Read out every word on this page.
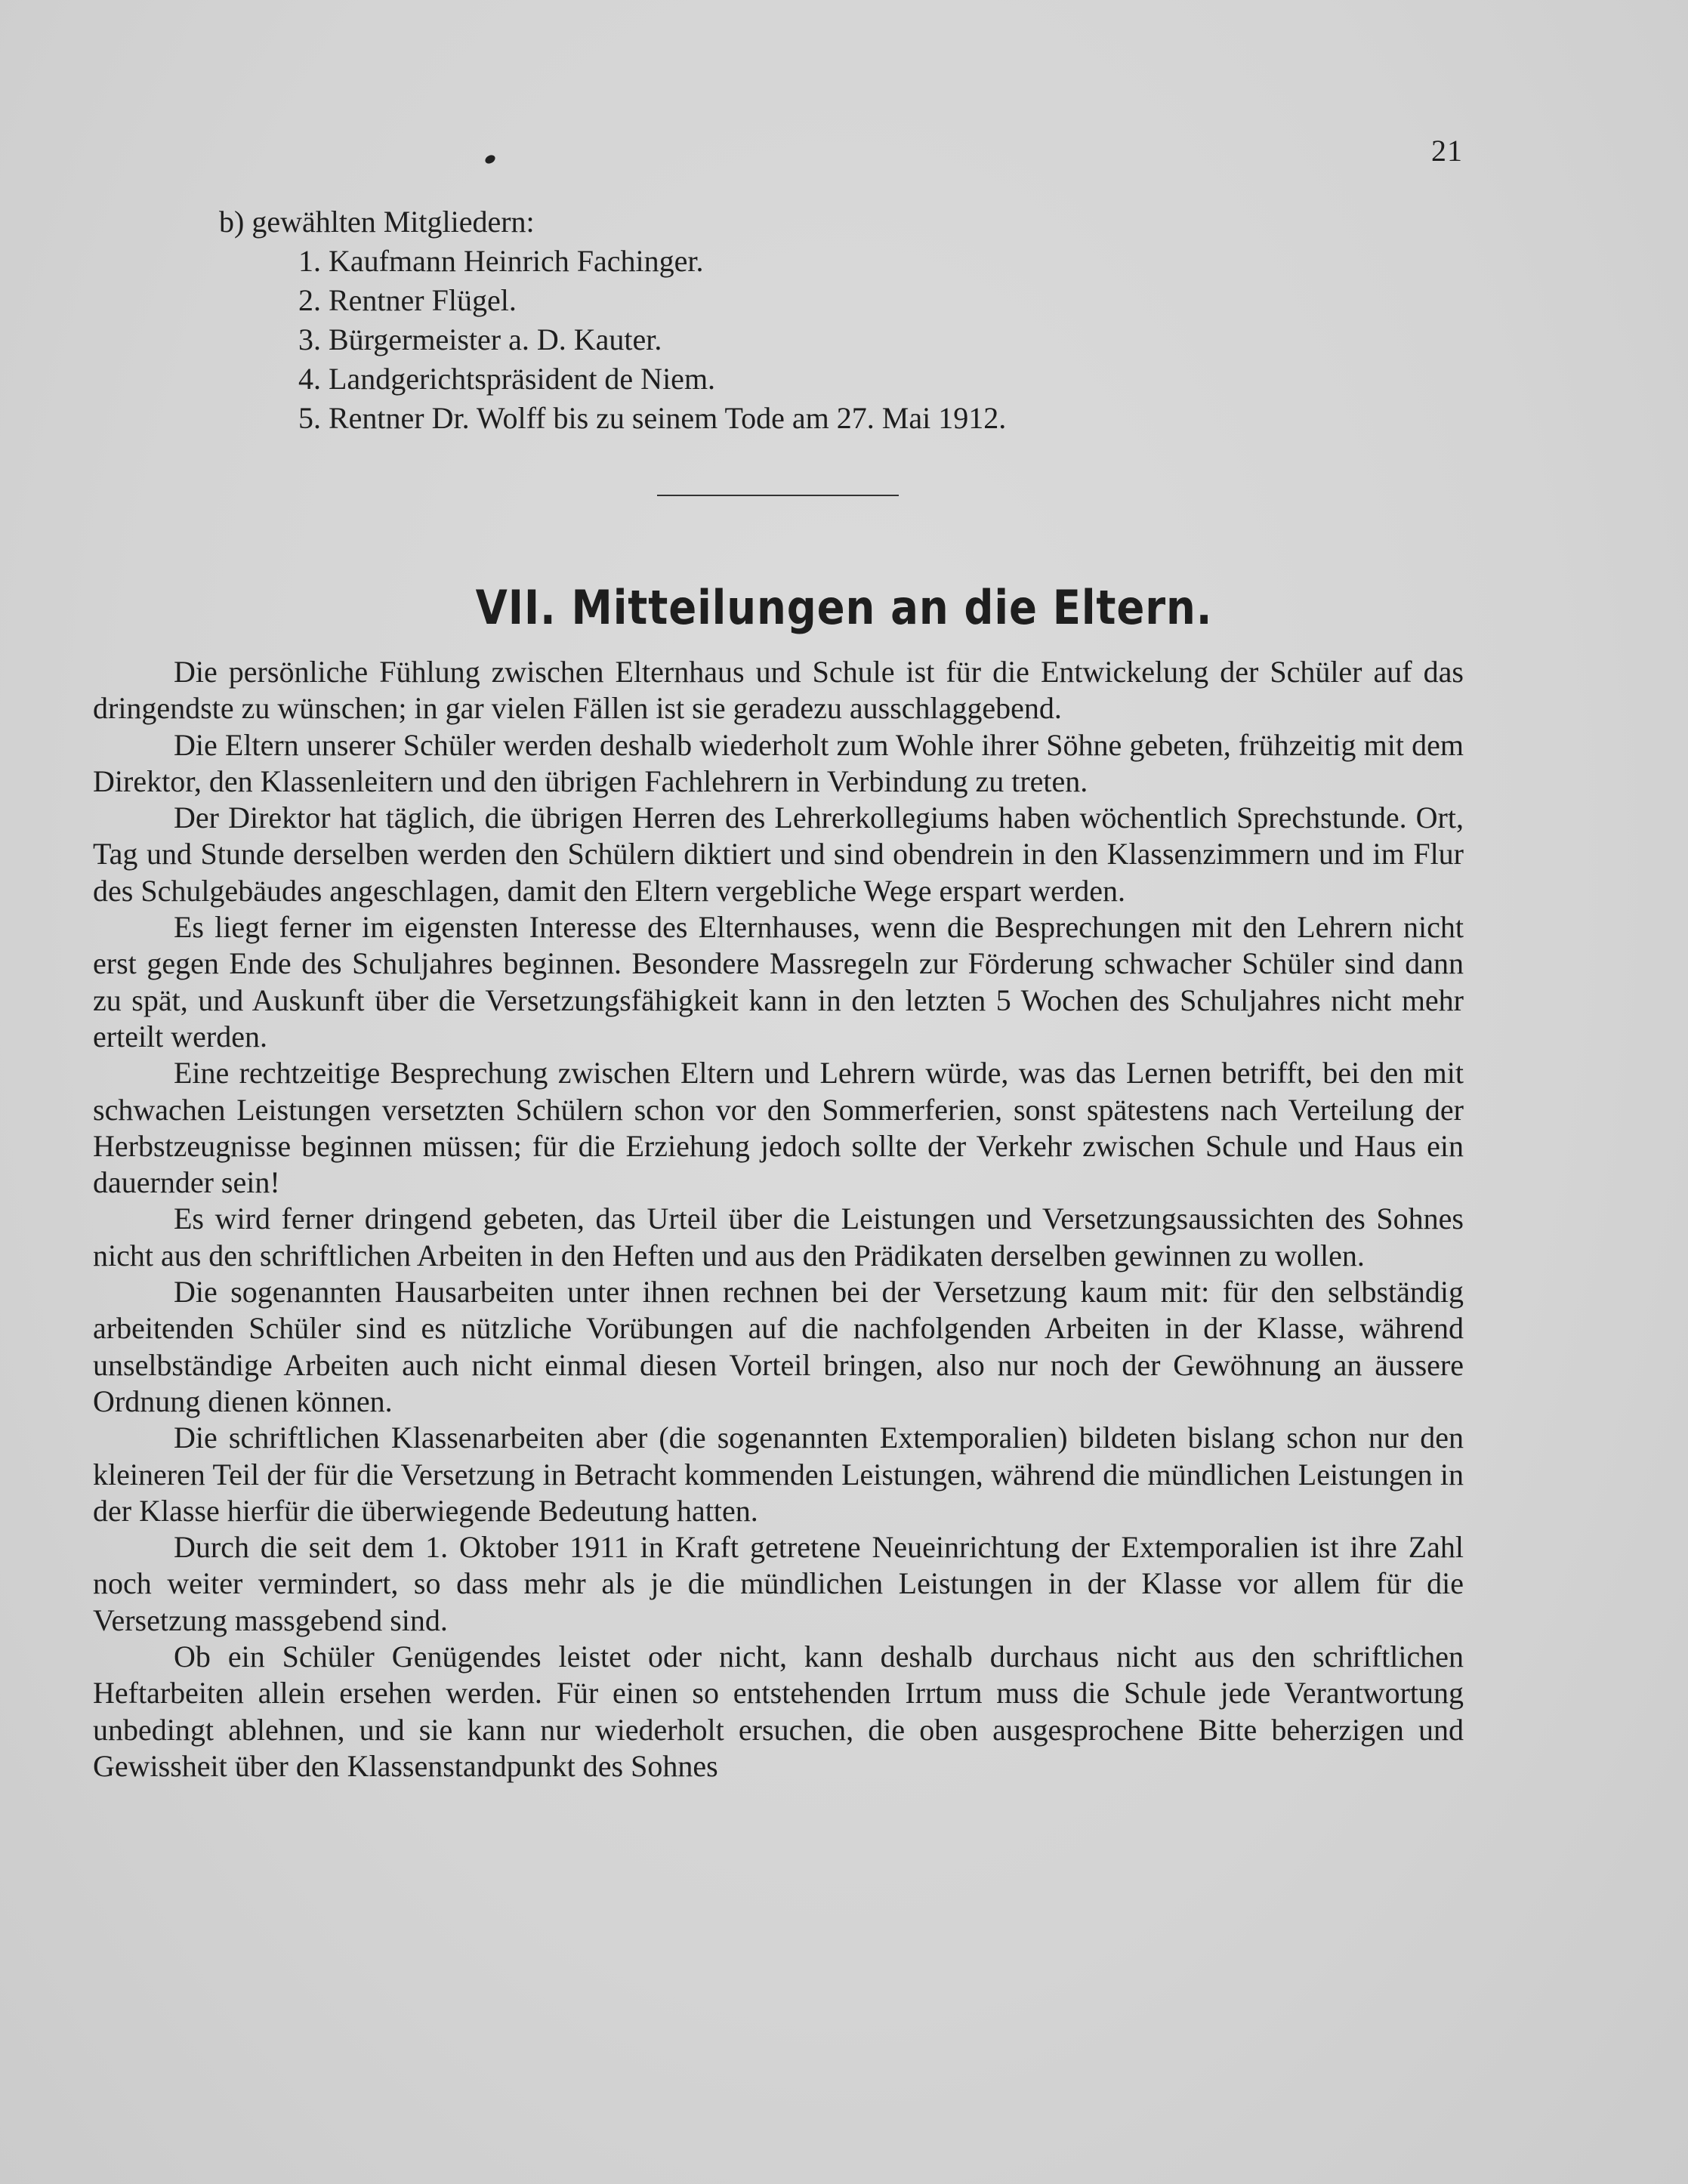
21

b) gewählten Mitgliedern:

1. Kaufmann Heinrich Fachinger.
2. Rentner Flügel.
3. Bürgermeister a. D. Kauter.
4. Landgerichtspräsident de Niem.
5. Rentner Dr. Wolff bis zu seinem Tode am 27. Mai 1912.
VII. Mitteilungen an die Eltern.

Die persönliche Fühlung zwischen Elternhaus und Schule ist für die Entwickelung der Schüler auf das dringendste zu wünschen; in gar vielen Fällen ist sie geradezu ausschlaggebend.

Die Eltern unserer Schüler werden deshalb wiederholt zum Wohle ihrer Söhne gebeten, frühzeitig mit dem Direktor, den Klassenleitern und den übrigen Fachlehrern in Verbindung zu treten.

Der Direktor hat täglich, die übrigen Herren des Lehrerkollegiums haben wöchentlich Sprechstunde. Ort, Tag und Stunde derselben werden den Schülern diktiert und sind obendrein in den Klassenzimmern und im Flur des Schulgebäudes angeschlagen, damit den Eltern vergebliche Wege erspart werden.

Es liegt ferner im eigensten Interesse des Elternhauses, wenn die Besprechungen mit den Lehrern nicht erst gegen Ende des Schuljahres beginnen. Besondere Massregeln zur Förderung schwacher Schüler sind dann zu spät, und Auskunft über die Versetzungsfähigkeit kann in den letzten 5 Wochen des Schuljahres nicht mehr erteilt werden.

Eine rechtzeitige Besprechung zwischen Eltern und Lehrern würde, was das Lernen betrifft, bei den mit schwachen Leistungen versetzten Schülern schon vor den Sommerferien, sonst spätestens nach Verteilung der Herbstzeugnisse beginnen müssen; für die Erziehung jedoch sollte der Verkehr zwischen Schule und Haus ein dauernder sein!

Es wird ferner dringend gebeten, das Urteil über die Leistungen und Versetzungsaussichten des Sohnes nicht aus den schriftlichen Arbeiten in den Heften und aus den Prädikaten derselben gewinnen zu wollen.

Die sogenannten Hausarbeiten unter ihnen rechnen bei der Versetzung kaum mit: für den selbständig arbeitenden Schüler sind es nützliche Vorübungen auf die nachfolgenden Arbeiten in der Klasse, während unselbständige Arbeiten auch nicht einmal diesen Vorteil bringen, also nur noch der Gewöhnung an äussere Ordnung dienen können.

Die schriftlichen Klassenarbeiten aber (die sogenannten Extemporalien) bildeten bislang schon nur den kleineren Teil der für die Versetzung in Betracht kommenden Leistungen, während die mündlichen Leistungen in der Klasse hierfür die überwiegende Bedeutung hatten.

Durch die seit dem 1. Oktober 1911 in Kraft getretene Neueinrichtung der Extemporalien ist ihre Zahl noch weiter vermindert, so dass mehr als je die mündlichen Leistungen in der Klasse vor allem für die Versetzung massgebend sind.

Ob ein Schüler Genügendes leistet oder nicht, kann deshalb durchaus nicht aus den schriftlichen Heftarbeiten allein ersehen werden. Für einen so entstehenden Irrtum muss die Schule jede Verantwortung unbedingt ablehnen, und sie kann nur wiederholt ersuchen, die oben ausgesprochene Bitte beherzigen und Gewissheit über den Klassenstandpunkt des Sohnes
